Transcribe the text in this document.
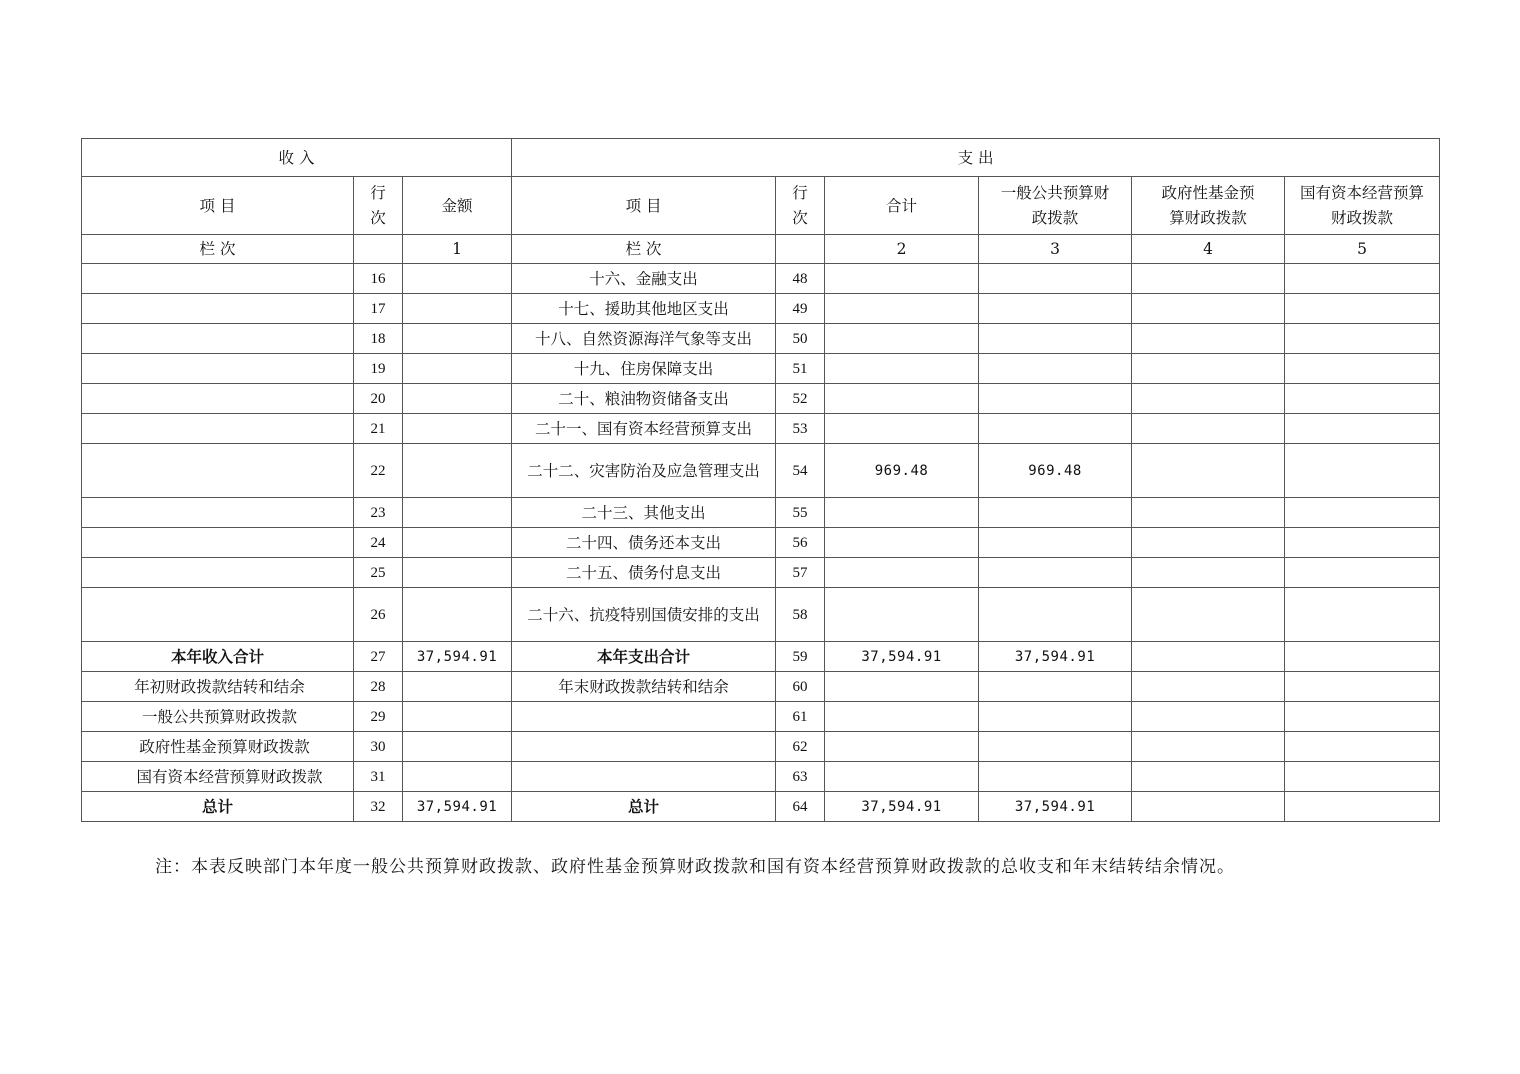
收 入			支 出					
项 目	行次	金额	项 目	行次	合计	一般公共预算财政拨款	政府性基金预算财政拨款	国有资本经营预算财政拨款

栏 次		1	栏 次		2	3	4	5
	16		十六、金融支出	48				
	17		十七、援助其他地区支出	49				
	18		十八、自然资源海洋气象等支出	50				
	19		十九、住房保障支出	51				
	20		二十、粮油物资储备支出	52				
	21		二十一、国有资本经营预算支出	53				
	22		二十二、灾害防治及应急管理支出	54	969.48	969.48		
	23		二十三、其他支出	55				
	24		二十四、债务还本支出	56				
	25		二十五、债务付息支出	57				
	26		二十六、抗疫特别国债安排的支出	58				
本年收入合计	27	37,594.91	本年支出合计	59	37,594.91	37,594.91		
年初财政拨款结转和结余	28		年末财政拨款结转和结余	60				
一般公共预算财政拨款	29			61				
政府性基金预算财政拨款	30			62				
国有资本经营预算财政拨款	31			63				
总计	32	37,594.91	总计	64	37,594.91	37,594.91		
注：本表反映部门本年度一般公共预算财政拨款、政府性基金预算财政拨款和国有资本经营预算财政拨款的总收支和年末结转结余情况。
